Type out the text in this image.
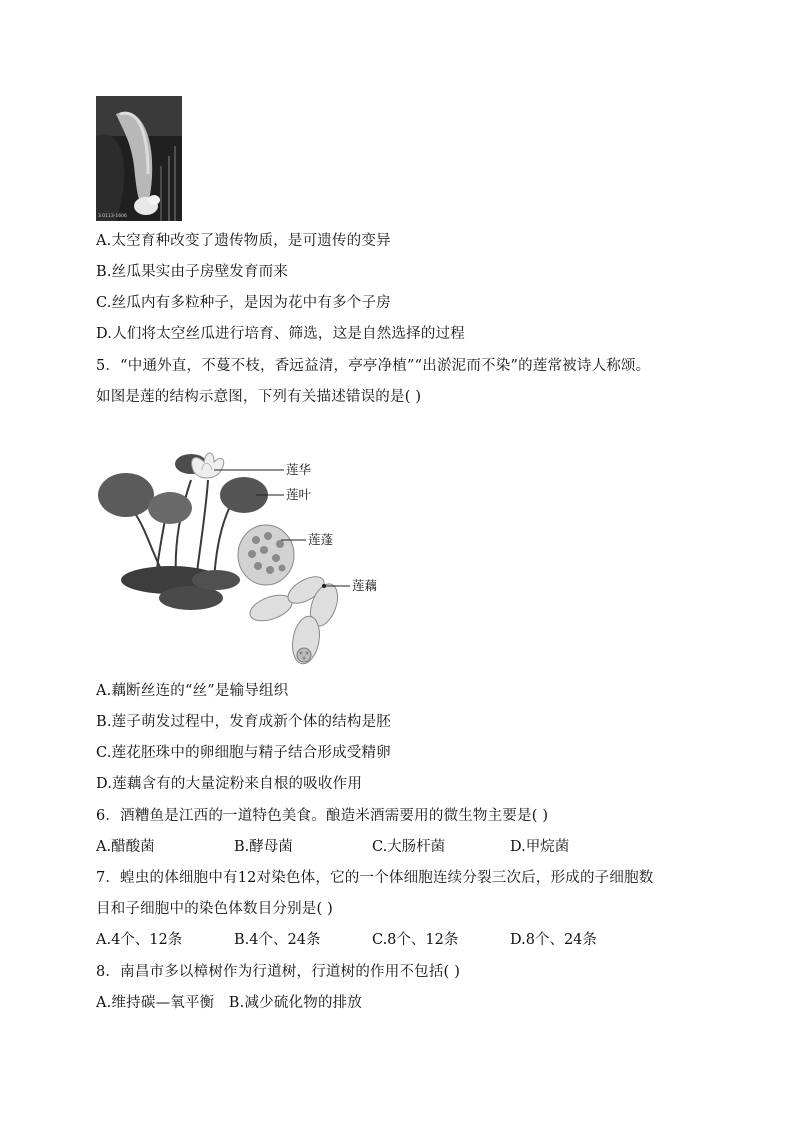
3.0113-1606
A.太空育种改变了遗传物质，是可遗传的变异
B.丝瓜果实由子房壁发育而来
C.丝瓜内有多粒种子，是因为花中有多个子房
D.人们将太空丝瓜进行培育、筛选，这是自然选择的过程
5．“中通外直，不蔓不枝，香远益清，亭亭净植”“出淤泥而不染”的莲常被诗人称颂。
如图是莲的结构示意图，下列有关描述错误的是( )
莲华
莲叶
莲蓬
莲藕
A.藕断丝连的“丝”是输导组织
B.莲子萌发过程中，发育成新个体的结构是胚
C.莲花胚珠中的卵细胞与精子结合形成受精卵
D.莲藕含有的大量淀粉来自根的吸收作用
6．酒糟鱼是江西的一道特色美食。酿造米酒需要用的微生物主要是( )
A.醋酸菌	B.酵母菌	C.大肠杆菌	D.甲烷菌
7．蝗虫的体细胞中有12对染色体，它的一个体细胞连续分裂三次后，形成的子细胞数
目和子细胞中的染色体数目分别是( )
A.4个、12条	B.4个、24条	C.8个、12条	D.8个、24条
8．南昌市多以樟树作为行道树，行道树的作用不包括( )
A.维持碳—氧平衡   B.减少硫化物的排放
